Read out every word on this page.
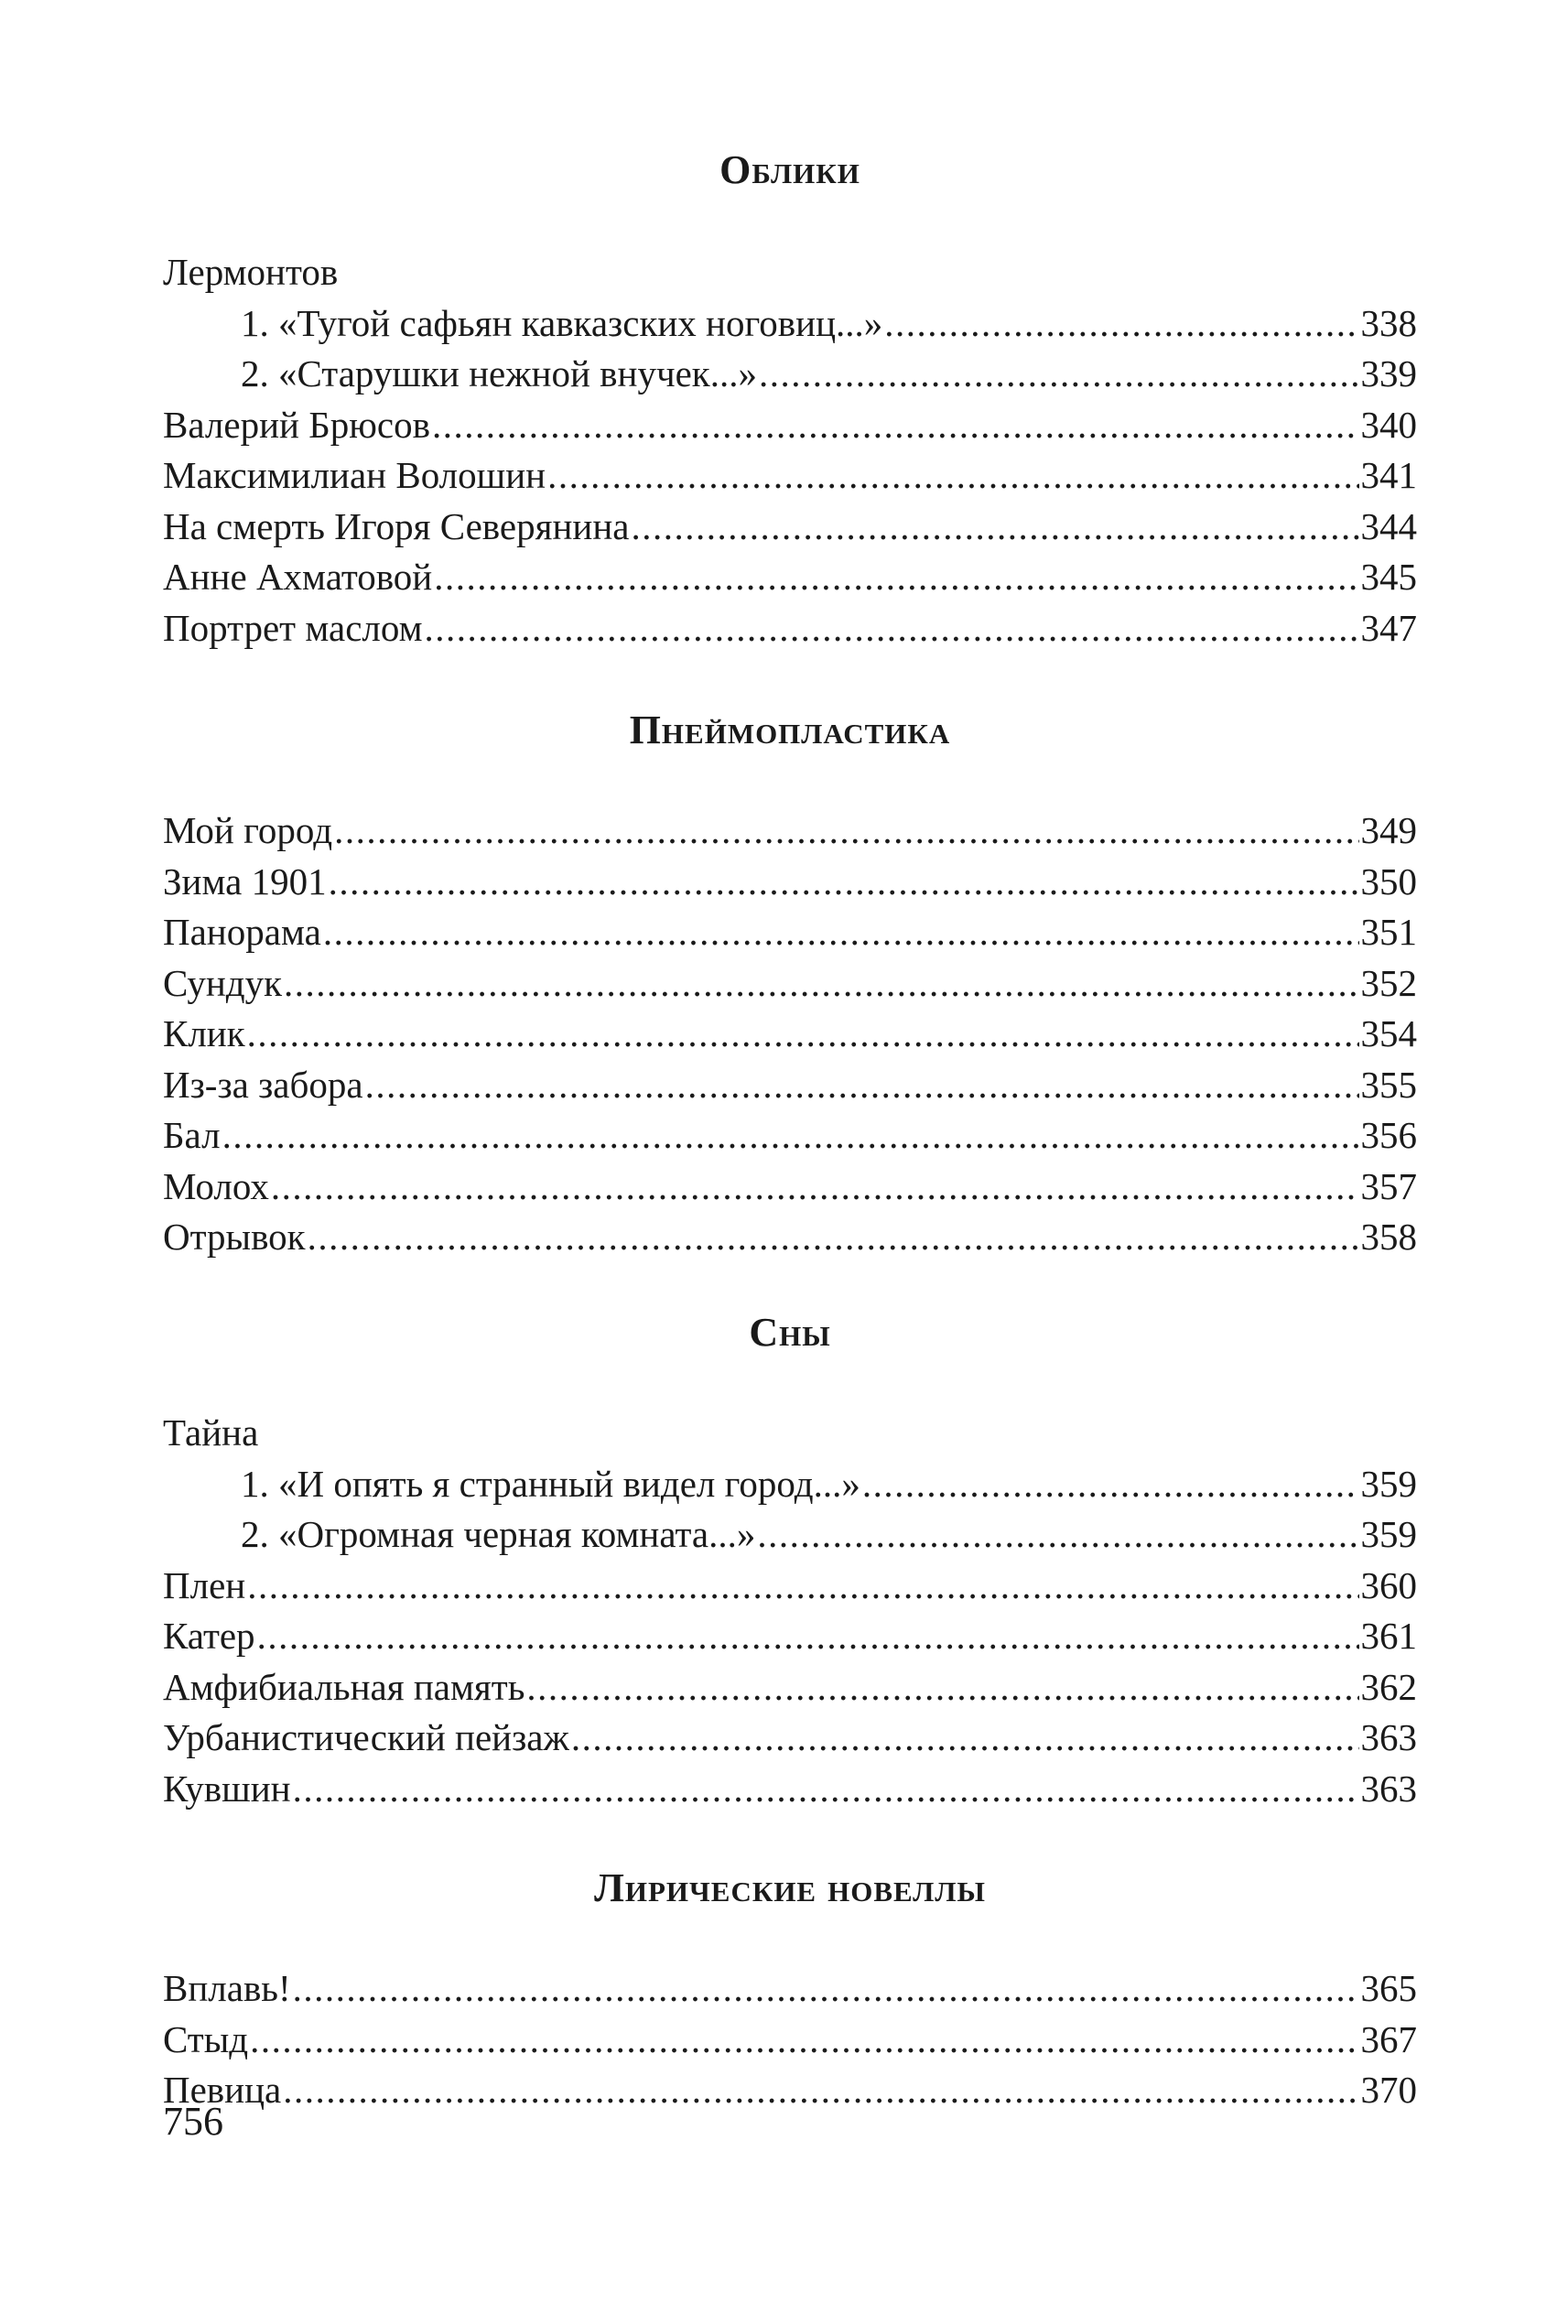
Облики
Лермонтов
1. «Тугой сафьян кавказских ноговиц...» .....	338
2. «Старушки нежной внучек...» .....	339
Валерий Брюсов .....	340
Максимилиан Волошин .....	341
На смерть Игоря Северянина .....	344
Анне Ахматовой .....	345
Портрет маслом .....	347
Пнеймопластика
Мой город .....	349
Зима 1901 .....	350
Панорама .....	351
Сундук .....	352
Клик .....	354
Из-за забора .....	355
Бал .....	356
Молох .....	357
Отрывок .....	358
Сны
Тайна
1. «И опять я странный видел город...» .....	359
2. «Огромная черная комната...» .....	359
Плен .....	360
Катер .....	361
Амфибиальная память .....	362
Урбанистический пейзаж .....	363
Кувшин .....	363
Лирические новеллы
Вплавь! .....	365
Стыд .....	367
Певица .....	370
756
